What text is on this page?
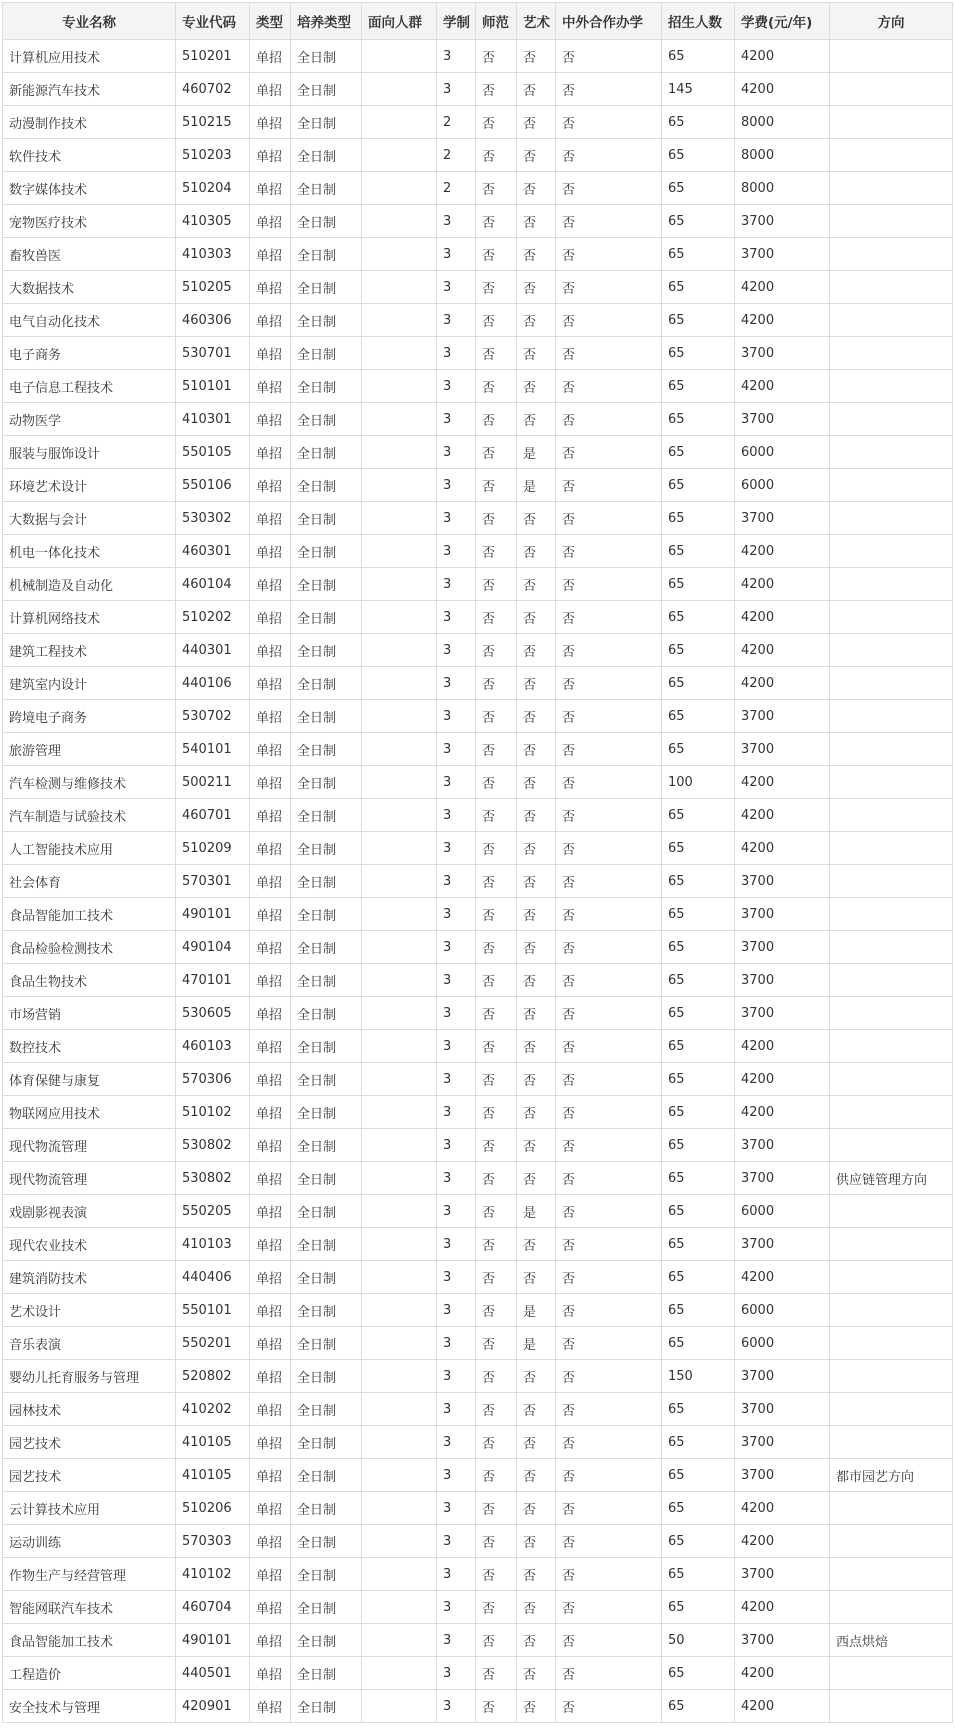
专业名称	专业代码	类型	培养类型	面向人群	学制	师范	艺术	中外合作办学	招生人数	学费(元/年)	方向
计算机应用技术	510201	单招	全日制		3	否	否	否	65	4200	
新能源汽车技术	460702	单招	全日制		3	否	否	否	145	4200	
动漫制作技术	510215	单招	全日制		2	否	否	否	65	8000	
软件技术	510203	单招	全日制		2	否	否	否	65	8000	
数字媒体技术	510204	单招	全日制		2	否	否	否	65	8000	
宠物医疗技术	410305	单招	全日制		3	否	否	否	65	3700	
畜牧兽医	410303	单招	全日制		3	否	否	否	65	3700	
大数据技术	510205	单招	全日制		3	否	否	否	65	4200	
电气自动化技术	460306	单招	全日制		3	否	否	否	65	4200	
电子商务	530701	单招	全日制		3	否	否	否	65	3700	
电子信息工程技术	510101	单招	全日制		3	否	否	否	65	4200	
动物医学	410301	单招	全日制		3	否	否	否	65	3700	
服装与服饰设计	550105	单招	全日制		3	否	是	否	65	6000	
环境艺术设计	550106	单招	全日制		3	否	是	否	65	6000	
大数据与会计	530302	单招	全日制		3	否	否	否	65	3700	
机电一体化技术	460301	单招	全日制		3	否	否	否	65	4200	
机械制造及自动化	460104	单招	全日制		3	否	否	否	65	4200	
计算机网络技术	510202	单招	全日制		3	否	否	否	65	4200	
建筑工程技术	440301	单招	全日制		3	否	否	否	65	4200	
建筑室内设计	440106	单招	全日制		3	否	否	否	65	4200	
跨境电子商务	530702	单招	全日制		3	否	否	否	65	3700	
旅游管理	540101	单招	全日制		3	否	否	否	65	3700	
汽车检测与维修技术	500211	单招	全日制		3	否	否	否	100	4200	
汽车制造与试验技术	460701	单招	全日制		3	否	否	否	65	4200	
人工智能技术应用	510209	单招	全日制		3	否	否	否	65	4200	
社会体育	570301	单招	全日制		3	否	否	否	65	3700	
食品智能加工技术	490101	单招	全日制		3	否	否	否	65	3700	
食品检验检测技术	490104	单招	全日制		3	否	否	否	65	3700	
食品生物技术	470101	单招	全日制		3	否	否	否	65	3700	
市场营销	530605	单招	全日制		3	否	否	否	65	3700	
数控技术	460103	单招	全日制		3	否	否	否	65	4200	
体育保健与康复	570306	单招	全日制		3	否	否	否	65	4200	
物联网应用技术	510102	单招	全日制		3	否	否	否	65	4200	
现代物流管理	530802	单招	全日制		3	否	否	否	65	3700	
现代物流管理	530802	单招	全日制		3	否	否	否	65	3700	供应链管理方向
戏剧影视表演	550205	单招	全日制		3	否	是	否	65	6000	
现代农业技术	410103	单招	全日制		3	否	否	否	65	3700	
建筑消防技术	440406	单招	全日制		3	否	否	否	65	4200	
艺术设计	550101	单招	全日制		3	否	是	否	65	6000	
音乐表演	550201	单招	全日制		3	否	是	否	65	6000	
婴幼儿托育服务与管理	520802	单招	全日制		3	否	否	否	150	3700	
园林技术	410202	单招	全日制		3	否	否	否	65	3700	
园艺技术	410105	单招	全日制		3	否	否	否	65	3700	
园艺技术	410105	单招	全日制		3	否	否	否	65	3700	都市园艺方向
云计算技术应用	510206	单招	全日制		3	否	否	否	65	4200	
运动训练	570303	单招	全日制		3	否	否	否	65	4200	
作物生产与经营管理	410102	单招	全日制		3	否	否	否	65	3700	
智能网联汽车技术	460704	单招	全日制		3	否	否	否	65	4200	
食品智能加工技术	490101	单招	全日制		3	否	否	否	50	3700	西点烘焙
工程造价	440501	单招	全日制		3	否	否	否	65	4200	
安全技术与管理	420901	单招	全日制		3	否	否	否	65	4200	
